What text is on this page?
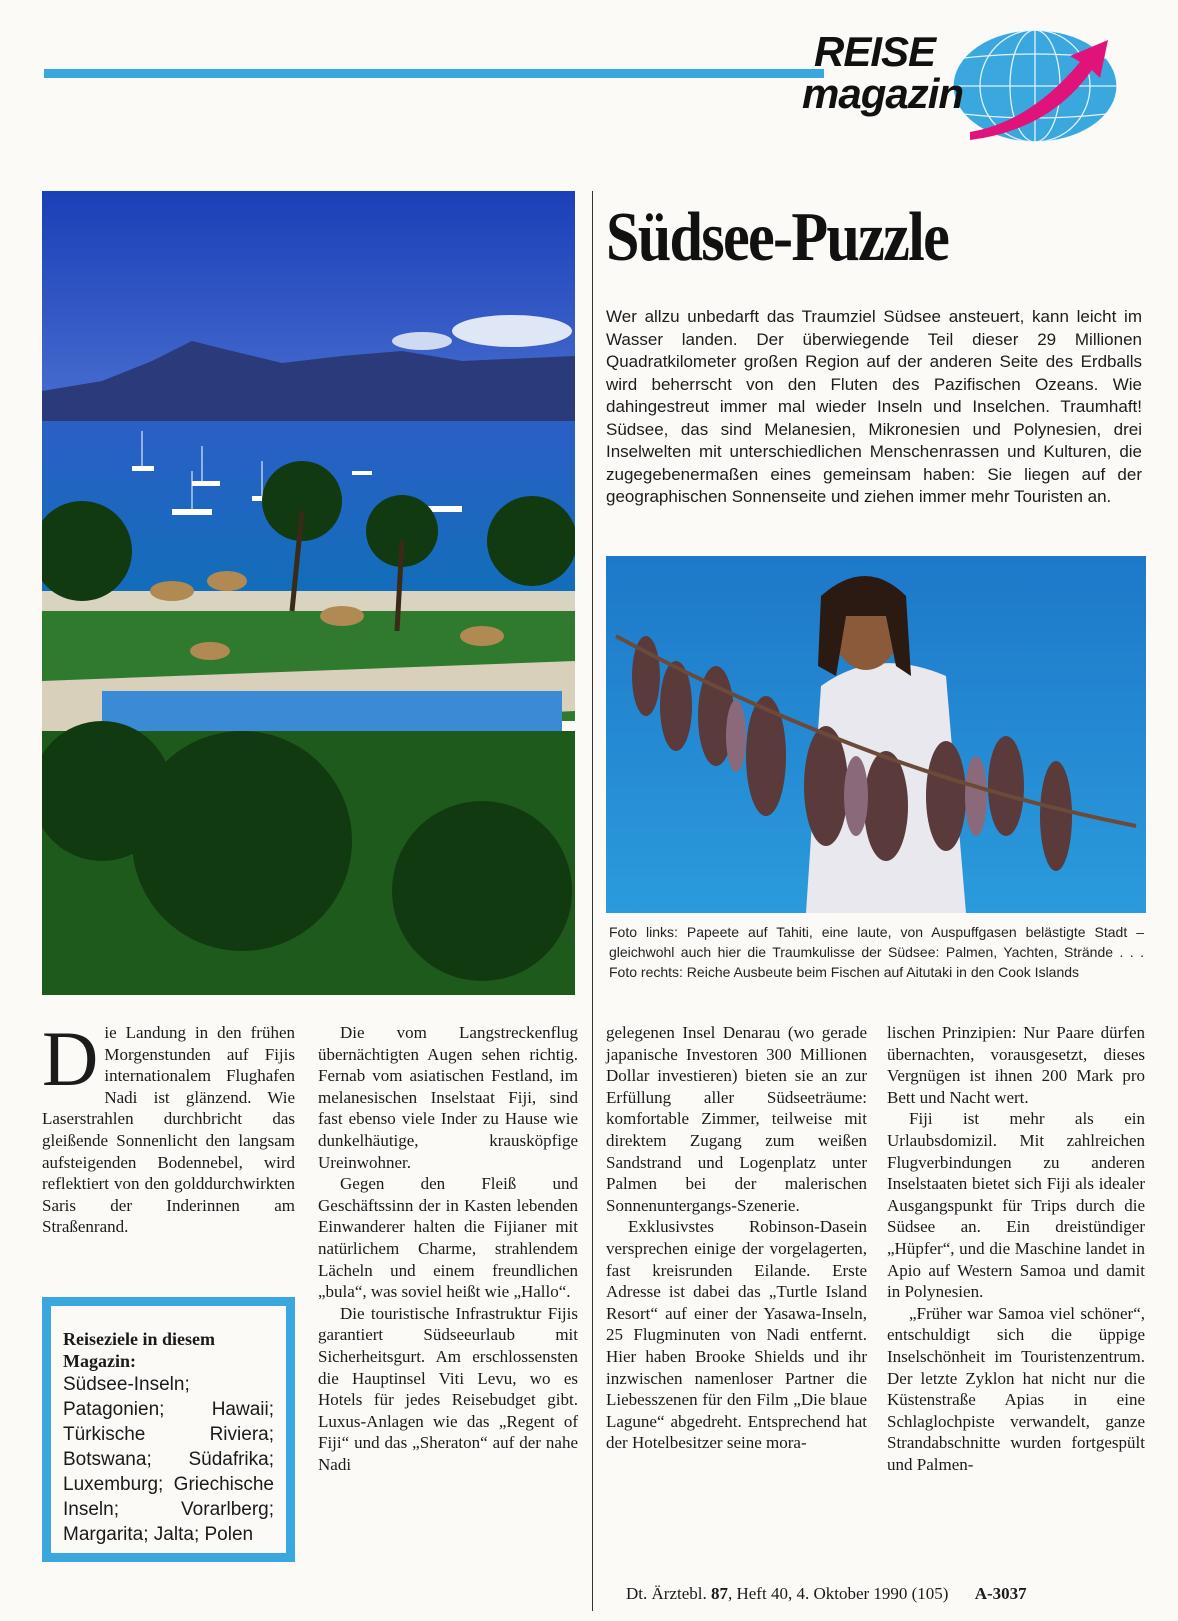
REISE
magazin
Südsee-Puzzle
Wer allzu unbedarft das Traumziel Südsee ansteuert, kann leicht im Wasser landen. Der überwiegende Teil dieser 29 Millionen Quadratkilometer großen Region auf der anderen Seite des Erdballs wird beherrscht von den Fluten des Pazifischen Ozeans. Wie dahingestreut immer mal wieder Inseln und Inselchen. Traumhaft! Südsee, das sind Melanesien, Mikronesien und Polynesien, drei Inselwelten mit unterschiedlichen Menschenrassen und Kulturen, die zugegebenermaßen eines gemeinsam haben: Sie liegen auf der geographischen Sonnenseite und ziehen immer mehr Touristen an.
Foto links: Papeete auf Tahiti, eine laute, von Auspuffgasen belästigte Stadt – gleichwohl auch hier die Traumkulisse der Südsee: Palmen, Yachten, Strände . . . Foto rechts: Reiche Ausbeute beim Fischen auf Aitutaki in den Cook Islands
D ie Landung in den frühen Morgenstunden auf Fijis internationalem Flughafen Nadi ist glänzend. Wie Laserstrahlen durchbricht das gleißende Sonnenlicht den langsam aufsteigenden Bodennebel, wird reflektiert von den golddurchwirkten Saris der Inderinnen am Straßenrand.
Reiseziele in diesem Magazin:
Südsee-Inseln; Patagonien; Hawaii; Türkische Riviera; Botswana; Südafrika; Luxemburg; Griechische Inseln; Vorarlberg; Margarita; Jalta; Polen

Die vom Langstreckenflug übernächtigten Augen sehen richtig. Fernab vom asiatischen Festland, im melanesischen Inselstaat Fiji, sind fast ebenso viele Inder zu Hause wie dunkelhäutige, krausköpfige Ureinwohner.

Gegen den Fleiß und Geschäftssinn der in Kasten lebenden Einwanderer halten die Fijianer mit natürlichem Charme, strahlendem Lächeln und einem freundlichen „bula“, was soviel heißt wie „Hallo“.

Die touristische Infrastruktur Fijis garantiert Südseeurlaub mit Sicherheitsgurt. Am erschlossensten die Hauptinsel Viti Levu, wo es Hotels für jedes Reisebudget gibt. Luxus-Anlagen wie das „Regent of Fiji“ und das „Sheraton“ auf der nahe Nadi

gelegenen Insel Denarau (wo gerade japanische Investoren 300 Millionen Dollar investieren) bieten sie an zur Erfüllung aller Südseeträume: komfortable Zimmer, teilweise mit direktem Zugang zum weißen Sandstrand und Logenplatz unter Palmen bei der malerischen Sonnenuntergangs-Szenerie.

Exklusivstes Robinson-Dasein versprechen einige der vorgelagerten, fast kreisrunden Eilande. Erste Adresse ist dabei das „Turtle Island Resort“ auf einer der Yasawa-Inseln, 25 Flugminuten von Nadi entfernt. Hier haben Brooke Shields und ihr inzwischen namenloser Partner die Liebesszenen für den Film „Die blaue Lagune“ abgedreht. Entsprechend hat der Hotelbesitzer seine mora-

lischen Prinzipien: Nur Paare dürfen übernachten, vorausgesetzt, dieses Vergnügen ist ihnen 200 Mark pro Bett und Nacht wert.

Fiji ist mehr als ein Urlaubsdomizil. Mit zahlreichen Flugverbindungen zu anderen Inselstaaten bietet sich Fiji als idealer Ausgangspunkt für Trips durch die Südsee an. Ein dreistündiger „Hüpfer“, und die Maschine landet in Apio auf Western Samoa und damit in Polynesien.

„Früher war Samoa viel schöner“, entschuldigt sich die üppige Inselschönheit im Touristenzentrum. Der letzte Zyklon hat nicht nur die Küstenstraße Apias in eine Schlaglochpiste verwandelt, ganze Strandabschnitte wurden fortgespült und Palmen-

Dt. Ärztebl. 87, Heft 40, 4. Oktober 1990 (105) A-3037
